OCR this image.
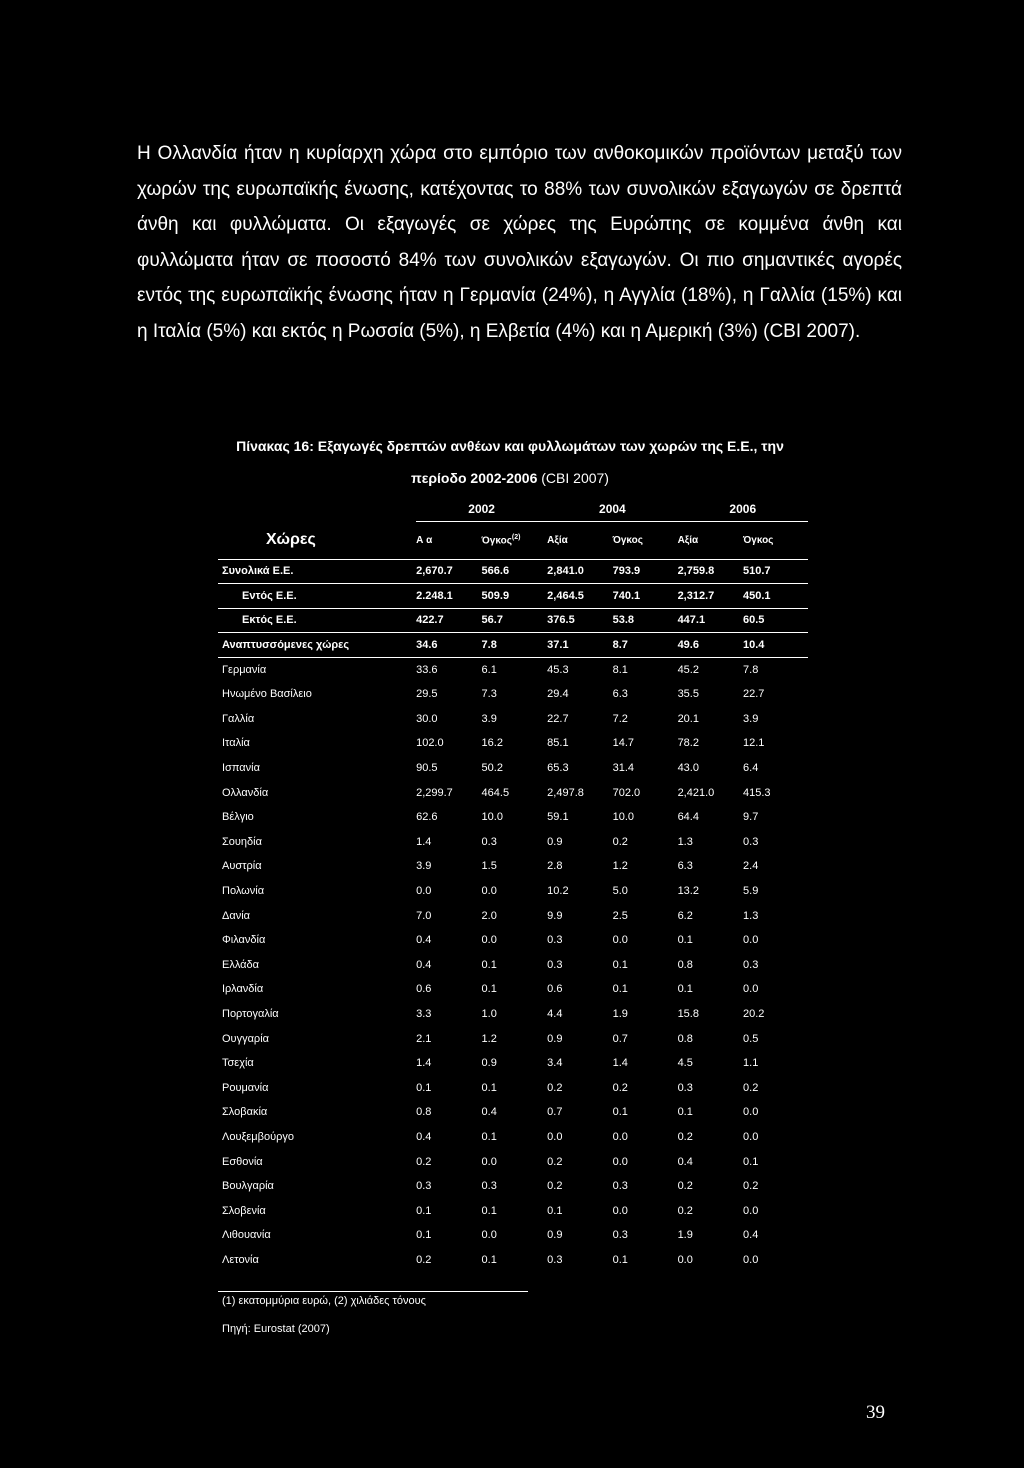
Η Ολλανδία ήταν η κυρίαρχη χώρα στο εμπόριο των ανθοκομικών προϊόντων μεταξύ των χωρών της ευρωπαϊκής ένωσης, κατέχοντας το 88% των συνολικών εξαγωγών σε δρεπτά άνθη και φυλλώματα. Οι εξαγωγές σε χώρες της Ευρώπης σε κομμένα άνθη και φυλλώματα ήταν σε ποσοστό 84% των συνολικών εξαγωγών. Οι πιο σημαντικές αγορές εντός της ευρωπαϊκής ένωσης ήταν η Γερμανία (24%), η Αγγλία (18%), η Γαλλία (15%) και η Ιταλία (5%) και εκτός η Ρωσσία (5%), η Ελβετία (4%) και η Αμερική (3%) (CBI 2007).

Πίνακας 16: Εξαγωγές δρεπτών ανθέων και φυλλωμάτων των χωρών της Ε.Ε., την

περίοδο 2002-2006 (CBI 2007)

	2002		2004		2006	
Χώρες	Α α	Όγκος$^{(2)}$	Αξία	Όγκος	Αξία	Όγκος
Συνολικά Ε.Ε.	2,670.7	566.6	2,841.0	793.9	2,759.8	510.7
Εντός Ε.Ε.	2.248.1	509.9	2,464.5	740.1	2,312.7	450.1
Εκτός Ε.Ε.	422.7	56.7	376.5	53.8	447.1	60.5
Αναπτυσσόμενες χώρες	34.6	7.8	37.1	8.7	49.6	10.4
Γερμανία	33.6	6.1	45.3	8.1	45.2	7.8
Ηνωμένο Βασίλειο	29.5	7.3	29.4	6.3	35.5	22.7
Γαλλία	30.0	3.9	22.7	7.2	20.1	3.9
Ιταλία	102.0	16.2	85.1	14.7	78.2	12.1
Ισπανία	90.5	50.2	65.3	31.4	43.0	6.4
Ολλανδία	2,299.7	464.5	2,497.8	702.0	2,421.0	415.3
Βέλγιο	62.6	10.0	59.1	10.0	64.4	9.7
Σουηδία	1.4	0.3	0.9	0.2	1.3	0.3
Αυστρία	3.9	1.5	2.8	1.2	6.3	2.4
Πολωνία	0.0	0.0	10.2	5.0	13.2	5.9
Δανία	7.0	2.0	9.9	2.5	6.2	1.3
Φιλανδία	0.4	0.0	0.3	0.0	0.1	0.0
Ελλάδα	0.4	0.1	0.3	0.1	0.8	0.3
Ιρλανδία	0.6	0.1	0.6	0.1	0.1	0.0
Πορτογαλία	3.3	1.0	4.4	1.9	15.8	20.2
Ουγγαρία	2.1	1.2	0.9	0.7	0.8	0.5
Τσεχία	1.4	0.9	3.4	1.4	4.5	1.1
Ρουμανία	0.1	0.1	0.2	0.2	0.3	0.2
Σλοβακία	0.8	0.4	0.7	0.1	0.1	0.0
Λουξεμβούργο	0.4	0.1	0.0	0.0	0.2	0.0
Εσθονία	0.2	0.0	0.2	0.0	0.4	0.1
Βουλγαρία	0.3	0.3	0.2	0.3	0.2	0.2
Σλοβενία	0.1	0.1	0.1	0.0	0.2	0.0
Λιθουανία	0.1	0.0	0.9	0.3	1.9	0.4
Λετονία	0.2	0.1	0.3	0.1	0.0	0.0

(1) εκατομμύρια ευρώ, (2) χιλιάδες τόνους

Πηγή: Eurostat (2007)

39
